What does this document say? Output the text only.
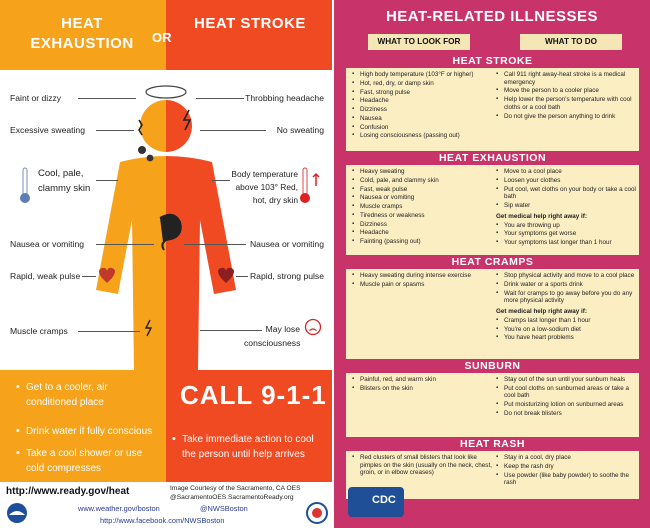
HEAT EXHAUSTION	OR
HEAT STROKE
Faint or dizzy
Excessive sweating
Cool, pale, clammy skin
Nausea or vomiting
Rapid, weak pulse
Muscle cramps
Throbbing headache
No sweating
Body temperature above 103° Red, hot, dry skin
Nausea or vomiting
Rapid, strong pulse
May lose consciousness
• Get to a cooler, air conditioned place
• Drink water if fully conscious
• Take a cool shower or use cold compresses
CALL 9-1-1
• Take immediate action to cool the person until help arrives
http://www.ready.gov/heat	Image Courtesy of the Sacramento, CA OES @SacramentoOES SacramentoReady.org
www.weather.gov/boston	@NWSBoston
http://www.facebook.com/NWSBoston
HEAT-RELATED ILLNESSES
WHAT TO LOOK FOR	WHAT TO DO
HEAT STROKE
▪ High body temperature (103°F or higher)
▪ Hot, red, dry, or damp skin
▪ Fast, strong pulse
▪ Headache
▪ Dizziness
▪ Nausea
▪ Confusion
▪ Losing consciousness (passing out)
▪ Call 911 right away-heat stroke is a medical emergency
▪ Move the person to a cooler place
▪ Help lower the person's temperature with cool cloths or a cool bath
▪ Do not give the person anything to drink
HEAT EXHAUSTION
▪ Heavy sweating
▪ Cold, pale, and clammy skin
▪ Fast, weak pulse
▪ Nausea or vomiting
▪ Muscle cramps
▪ Tiredness or weakness
▪ Dizziness
▪ Headache
▪ Fainting (passing out)
▪ Move to a cool place
▪ Loosen your clothes
▪ Put cool, wet cloths on your body or take a cool bath
▪ Sip water
Get medical help right away if:
▪ You are throwing up
▪ Your symptoms get worse
▪ Your symptoms last longer than 1 hour
HEAT CRAMPS
▪ Heavy sweating during intense exercise
▪ Muscle pain or spasms
▪ Stop physical activity and move to a cool place
▪ Drink water or a sports drink
▪ Wait for cramps to go away before you do any more physical activity
Get medical help right away if:
▪ Cramps last longer than 1 hour
▪ You're on a low-sodium diet
▪ You have heart problems
SUNBURN
▪ Painful, red, and warm skin
▪ Blisters on the skin
▪ Stay out of the sun until your sunburn heals
▪ Put cool cloths on sunburned areas or take a cool bath
▪ Put moisturizing lotion on sunburned areas
▪ Do not break blisters
HEAT RASH
▪ Red clusters of small blisters that look like pimples on the skin (usually on the neck, chest, groin, or in elbow creases)
▪ Stay in a cool, dry place
▪ Keep the rash dry
▪ Use powder (like baby powder) to soothe the rash
CDC
